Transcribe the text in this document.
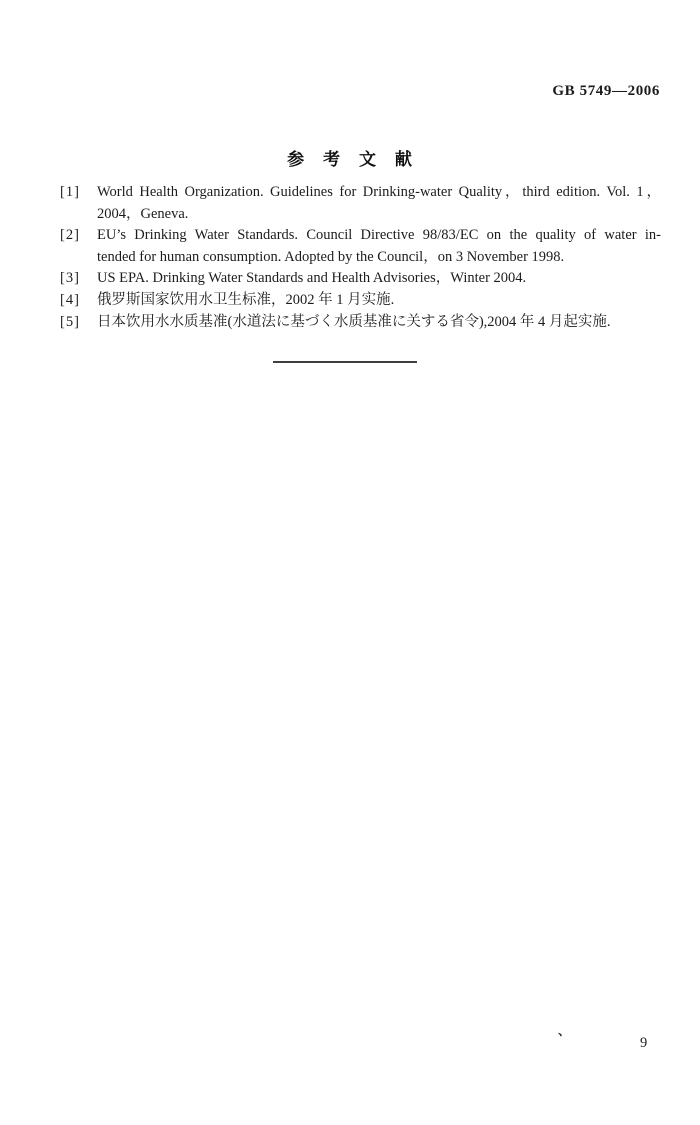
GB 5749—2006
参 考 文 献
[1]	World Health Organization. Guidelines for Drinking-water Quality，third edition. Vol. 1，
2004，Geneva.
[2]	EU’s Drinking Water Standards. Council Directive 98/83/EC on the quality of water in-
tended for human consumption. Adopted by the Council，on 3 November 1998.
[3]	US EPA. Drinking Water Standards and Health Advisories，Winter 2004.
[4]	俄罗斯国家饮用水卫生标准，2002 年 1 月实施.
[5]	日本饮用水水质基准(水道法に基づく水质基准に关する省令),2004 年 4 月起实施.
、
9
